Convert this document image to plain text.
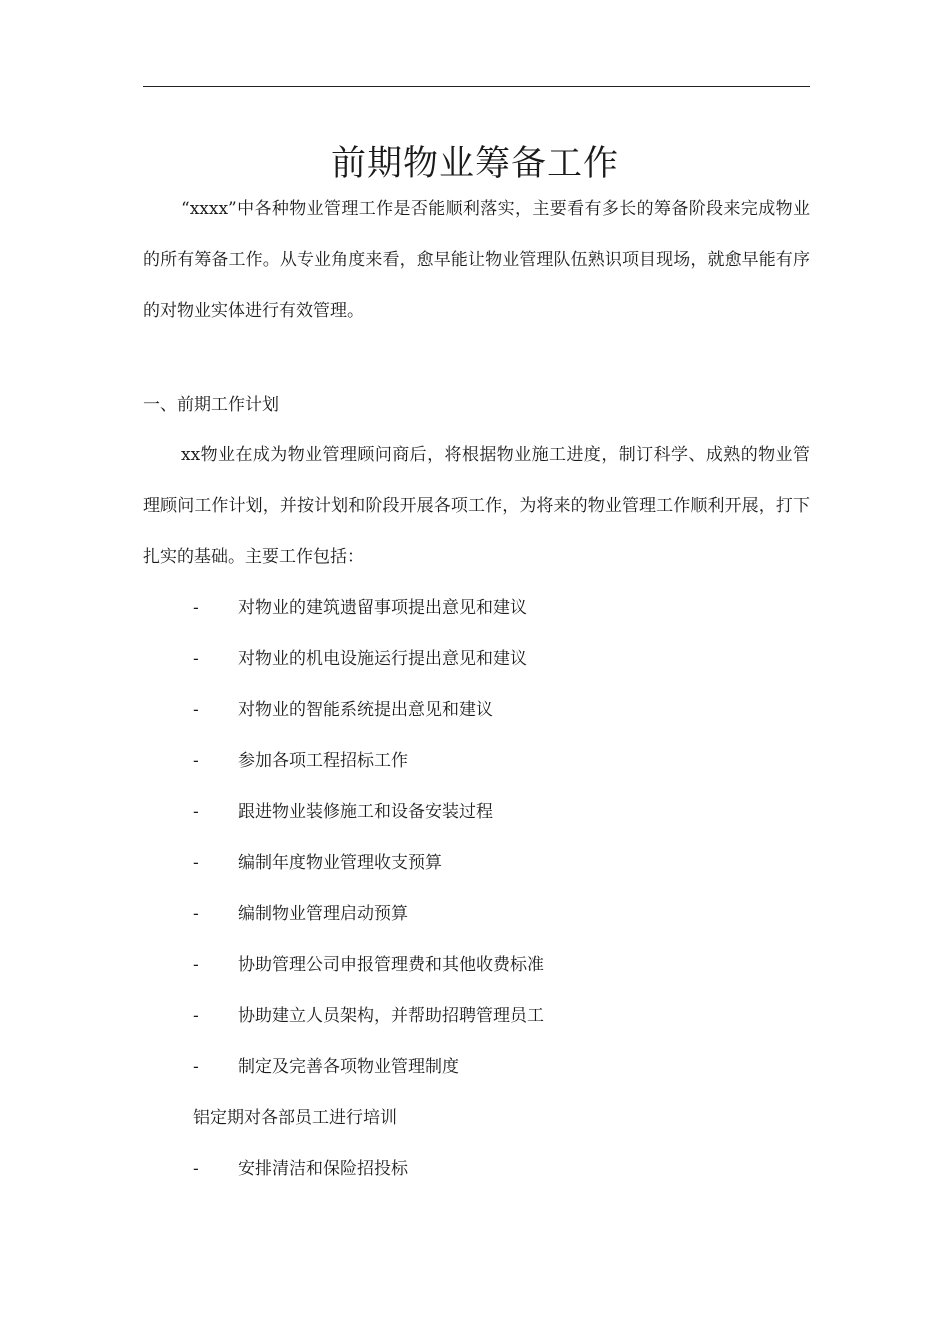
前期物业筹备工作

“xxxx”中各种物业管理工作是否能顺利落实，主要看有多长的筹备阶段来完成物业的所有筹备工作。从专业角度来看，愈早能让物业管理队伍熟识项目现场，就愈早能有序的对物业实体进行有效管理。

一、前期工作计划

xx物业在成为物业管理顾问商后，将根据物业施工进度，制订科学、成熟的物业管理顾问工作计划，并按计划和阶段开展各项工作，为将来的物业管理工作顺利开展，打下扎实的基础。主要工作包括：

- 对物业的建筑遗留事项提出意见和建议
- 对物业的机电设施运行提出意见和建议
- 对物业的智能系统提出意见和建议
- 参加各项工程招标工作
- 跟进物业装修施工和设备安装过程
- 编制年度物业管理收支预算
- 编制物业管理启动预算
- 协助管理公司申报管理费和其他收费标准
- 协助建立人员架构，并帮助招聘管理员工
- 制定及完善各项物业管理制度
铝定期对各部员工进行培训
- 安排清洁和保险招投标
